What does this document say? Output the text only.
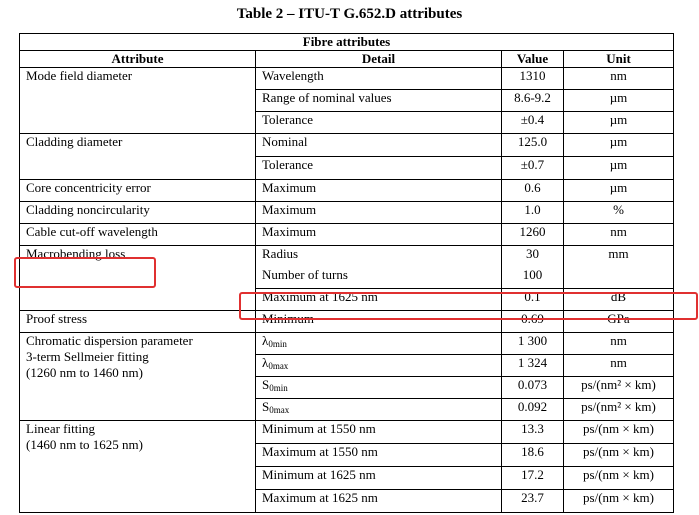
Table 2 – ITU-T G.652.D attributes
Fibre attributes			
Attribute	Detail	Value	Unit
Mode field diameter	Wavelength	1310	nm
	Range of nominal values	8.6-9.2	µm
	Tolerance	±0.4	µm
Cladding diameter	Nominal	125.0	µm
	Tolerance	±0.7	µm
Core concentricity error	Maximum	0.6	µm
Cladding noncircularity	Maximum	1.0	%
Cable cut-off wavelength	Maximum	1260	nm
Macrobending loss	Radius	30	mm
	Number of turns	100	
	Maximum at 1625 nm	0.1	dB
Proof stress	Minimum	0.69	GPa

Chromatic dispersion parameter
3-term Sellmeier fitting
(1260 nm to 1460 nm)	$\lambda_{0min}$	1 300	nm
	$\lambda_{0max}$	1 324	nm
	$S_{0min}$	0.073	ps/(nm² × km)
	$S_{0max}$	0.092	ps/(nm² × km)

Linear fitting
(1460 nm to 1625 nm)	Minimum at 1550 nm	13.3	ps/(nm × km)
	Maximum at 1550 nm	18.6	ps/(nm × km)
	Minimum at 1625 nm	17.2	ps/(nm × km)
	Maximum at 1625 nm	23.7	ps/(nm × km)
